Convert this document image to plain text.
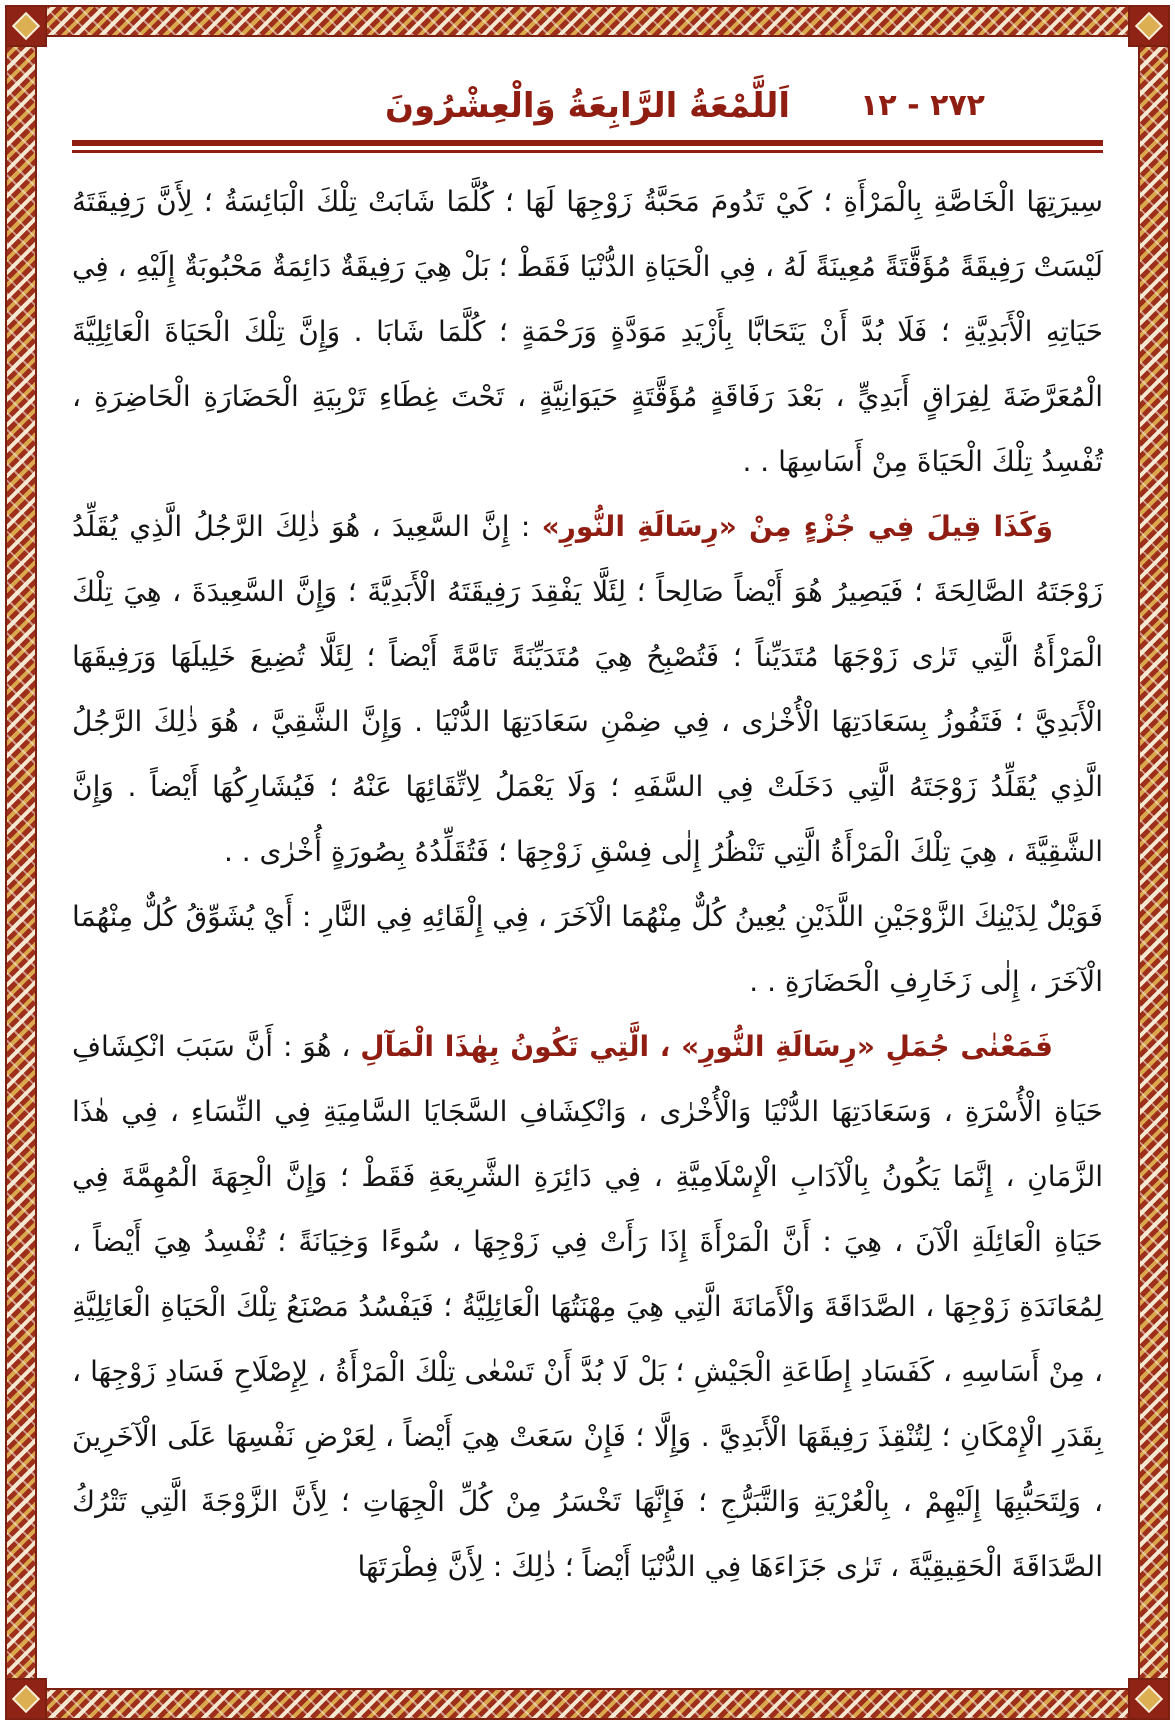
٢٧٢ - ١٢
اَللَّمْعَةُ الرَّابِعَةُ وَالْعِشْرُونَ

سِيرَتِهَا الْخَاصَّةِ بِالْمَرْأَةِ ؛ كَيْ تَدُومَ مَحَبَّةُ زَوْجِهَا لَهَا ؛ كُلَّمَا شَابَتْ تِلْكَ الْبَائِسَةُ ؛ لِأَنَّ رَفِيقَتَهُ لَيْسَتْ رَفِيقَةً مُؤَقَّتَةً مُعِينَةً لَهُ ، فِي الْحَيَاةِ الدُّنْيَا فَقَطْ ؛ بَلْ هِيَ رَفِيقَةٌ دَائِمَةٌ مَحْبُوبَةٌ إِلَيْهِ ، فِي حَيَاتِهِ الْأَبَدِيَّةِ ؛ فَلَا بُدَّ أَنْ يَتَحَابَّا بِأَزْيَدِ مَوَدَّةٍ وَرَحْمَةٍ ؛ كُلَّمَا شَابَا . وَإِنَّ تِلْكَ الْحَيَاةَ الْعَائِلِيَّةَ الْمُعَرَّضَةَ لِفِرَاقٍ أَبَدِيٍّ ، بَعْدَ رَفَاقَةٍ مُؤَقَّتَةٍ حَيَوَانِيَّةٍ ، تَحْتَ غِطَاءِ تَرْبِيَةِ الْحَضَارَةِ الْحَاضِرَةِ ، تُفْسِدُ تِلْكَ الْحَيَاةَ مِنْ أَسَاسِهَا . .

وَكَذَا قِيلَ فِي جُزْءٍ مِنْ «رِسَالَةِ النُّورِ» : إِنَّ السَّعِيدَ ، هُوَ ذٰلِكَ الرَّجُلُ الَّذِي يُقَلِّدُ زَوْجَتَهُ الصَّالِحَةَ ؛ فَيَصِيرُ هُوَ أَيْضاً صَالِحاً ؛ لِئَلَّا يَفْقِدَ رَفِيقَتَهُ الْأَبَدِيَّةَ ؛ وَإِنَّ السَّعِيدَةَ ، هِيَ تِلْكَ الْمَرْأَةُ الَّتِي تَرٰى زَوْجَهَا مُتَدَيِّناً ؛ فَتُصْبِحُ هِيَ مُتَدَيِّنَةً تَامَّةً أَيْضاً ؛ لِئَلَّا تُضِيعَ خَلِيلَهَا وَرَفِيقَهَا الْأَبَدِيَّ ؛ فَتَفُوزُ بِسَعَادَتِهَا الْأُخْرٰى ، فِي ضِمْنِ سَعَادَتِهَا الدُّنْيَا . وَإِنَّ الشَّقِيَّ ، هُوَ ذٰلِكَ الرَّجُلُ الَّذِي يُقَلِّدُ زَوْجَتَهُ الَّتِي دَخَلَتْ فِي السَّفَهِ ؛ وَلَا يَعْمَلُ لِاتِّقَائِهَا عَنْهُ ؛ فَيُشَارِكُهَا أَيْضاً . وَإِنَّ الشَّقِيَّةَ ، هِيَ تِلْكَ الْمَرْأَةُ الَّتِي تَنْظُرُ إِلٰى فِسْقِ زَوْجِهَا ؛ فَتُقَلِّدُهُ بِصُورَةٍ أُخْرٰى . .

فَوَيْلٌ لِذَيْنِكَ الزَّوْجَيْنِ اللَّذَيْنِ يُعِينُ كُلٌّ مِنْهُمَا الْآخَرَ ، فِي إِلْقَائِهِ فِي النَّارِ : أَيْ يُشَوِّقُ كُلٌّ مِنْهُمَا الْآخَرَ ، إِلٰى زَخَارِفِ الْحَضَارَةِ . .

فَمَعْنٰى جُمَلِ «رِسَالَةِ النُّورِ» ، الَّتِي تَكُونُ بِهٰذَا الْمَآلِ ، هُوَ : أَنَّ سَبَبَ انْكِشَافِ حَيَاةِ الْأُسْرَةِ ، وَسَعَادَتِهَا الدُّنْيَا وَالْأُخْرٰى ، وَانْكِشَافِ السَّجَايَا السَّامِيَةِ فِي النِّسَاءِ ، فِي هٰذَا الزَّمَانِ ، إِنَّمَا يَكُونُ بِالْآدَابِ الْإِسْلَامِيَّةِ ، فِي دَائِرَةِ الشَّرِيعَةِ فَقَطْ ؛ وَإِنَّ الْجِهَةَ الْمُهِمَّةَ فِي حَيَاةِ الْعَائِلَةِ الْآنَ ، هِيَ : أَنَّ الْمَرْأَةَ إِذَا رَأَتْ فِي زَوْجِهَا ، سُوءًا وَخِيَانَةً ؛ تُفْسِدُ هِيَ أَيْضاً ، لِمُعَانَدَةِ زَوْجِهَا ، الصَّدَاقَةَ وَالْأَمَانَةَ الَّتِي هِيَ مِهْنَتُهَا الْعَائِلِيَّةُ ؛ فَيَفْسُدُ مَصْنَعُ تِلْكَ الْحَيَاةِ الْعَائِلِيَّةِ ، مِنْ أَسَاسِهِ ، كَفَسَادِ إِطَاعَةِ الْجَيْشِ ؛ بَلْ لَا بُدَّ أَنْ تَسْعٰى تِلْكَ الْمَرْأَةُ ، لِإِصْلَاحِ فَسَادِ زَوْجِهَا ، بِقَدَرِ الْإِمْكَانِ ؛ لِتُنْقِذَ رَفِيقَهَا الْأَبَدِيَّ . وَإِلَّا ؛ فَإِنْ سَعَتْ هِيَ أَيْضاً ، لِعَرْضِ نَفْسِهَا عَلَى الْآخَرِينَ ، وَلِتَحَبُّبِهَا إِلَيْهِمْ ، بِالْعُرْيَةِ وَالتَّبَرُّجِ ؛ فَإِنَّهَا تَخْسَرُ مِنْ كُلِّ الْجِهَاتِ ؛ لِأَنَّ الزَّوْجَةَ الَّتِي تَتْرُكُ الصَّدَاقَةَ الْحَقِيقِيَّةَ ، تَرٰى جَزَاءَهَا فِي الدُّنْيَا أَيْضاً ؛ ذٰلِكَ : لِأَنَّ فِطْرَتَهَا
